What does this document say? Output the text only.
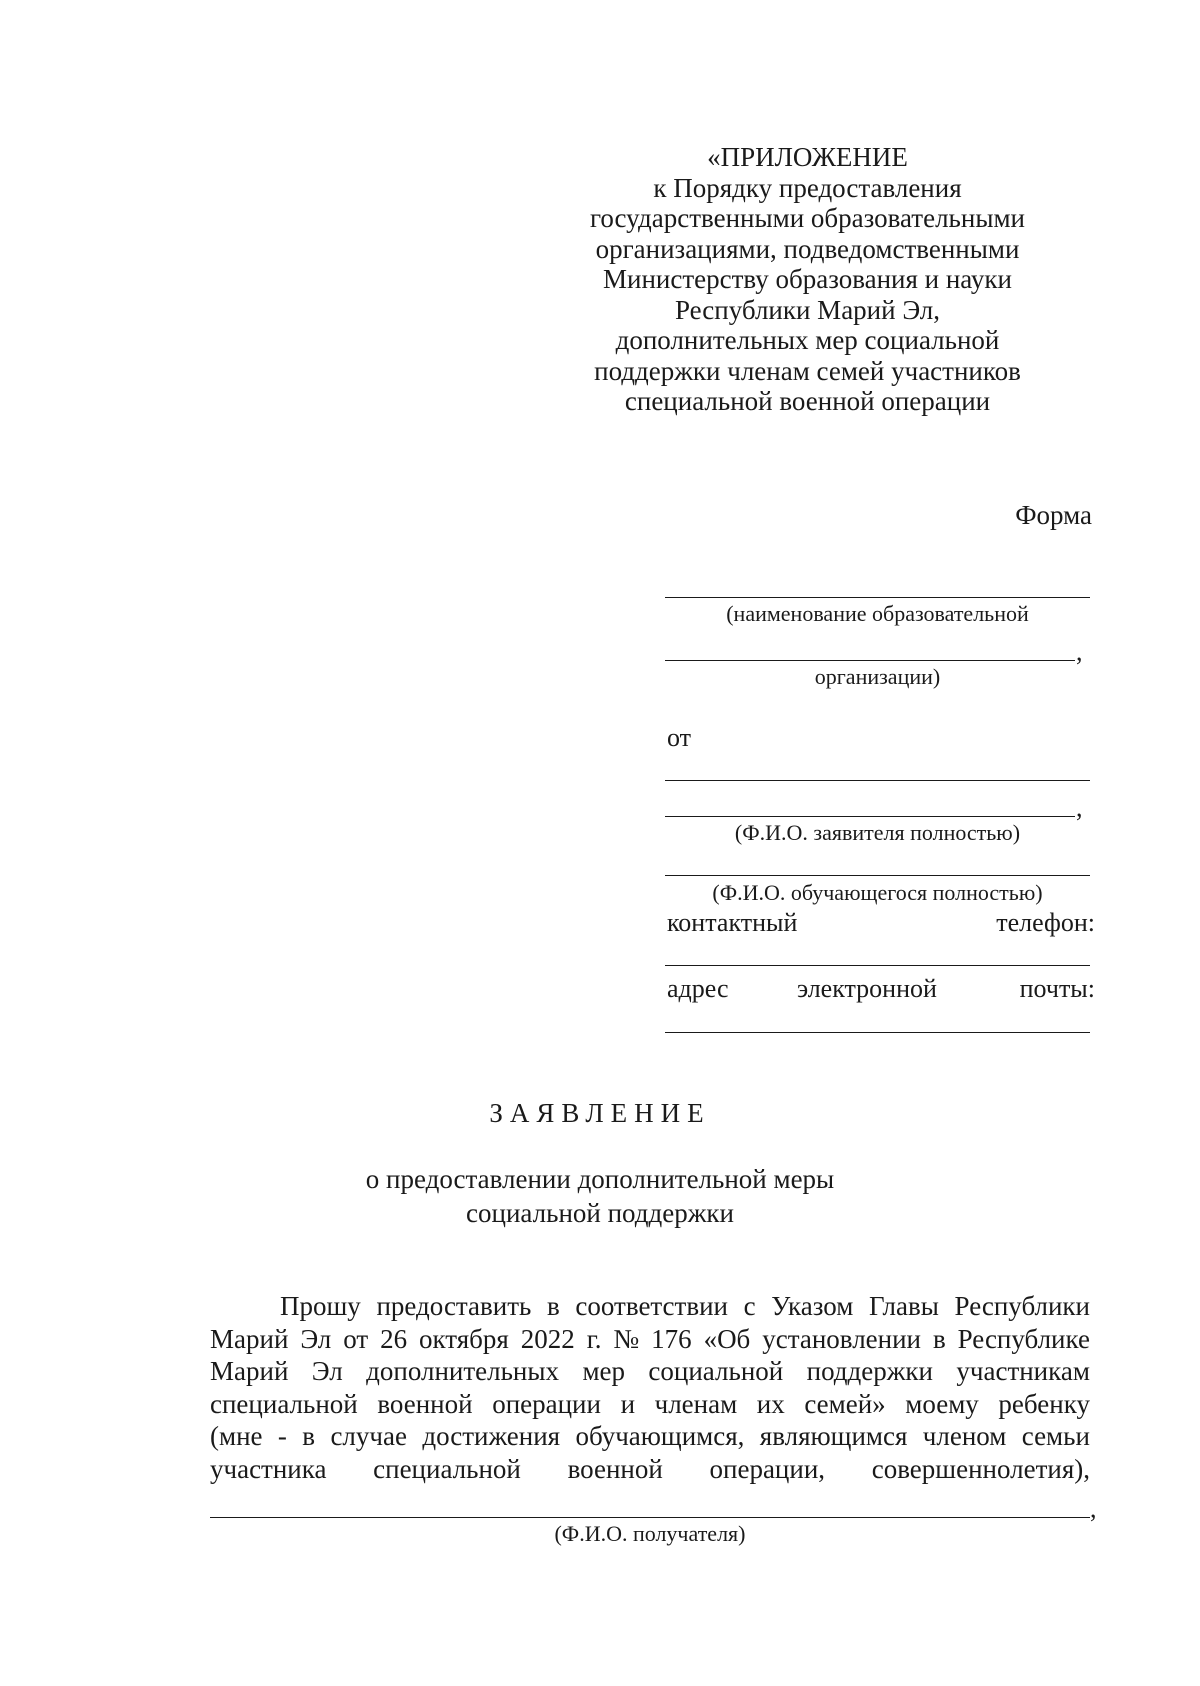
«ПРИЛОЖЕНИЕ
к Порядку предоставления
государственными образовательными
организациями, подведомственными
Министерству образования и науки
Республики Марий Эл,
дополнительных мер социальной
поддержки членам семей участников
специальной военной операции
Форма
(наименование образовательной
,
организации)
от
,
(Ф.И.О. заявителя полностью)
(Ф.И.О. обучающегося полностью)
контактный	телефон:
адрес	электронной	почты:
ЗАЯВЛЕНИЕ
о предоставлении дополнительной меры
социальной поддержки
Прошу предоставить в соответствии с Указом Главы Республики
Марий Эл от 26 октября 2022 г. № 176 «Об установлении в Республике
Марий Эл дополнительных мер социальной поддержки участникам
специальной военной операции и членам их семей» моему ребенку
(мне - в случае достижения обучающимся, являющимся членом семьи
участника специальной военной операции, совершеннолетия),
,
(Ф.И.О. получателя)
